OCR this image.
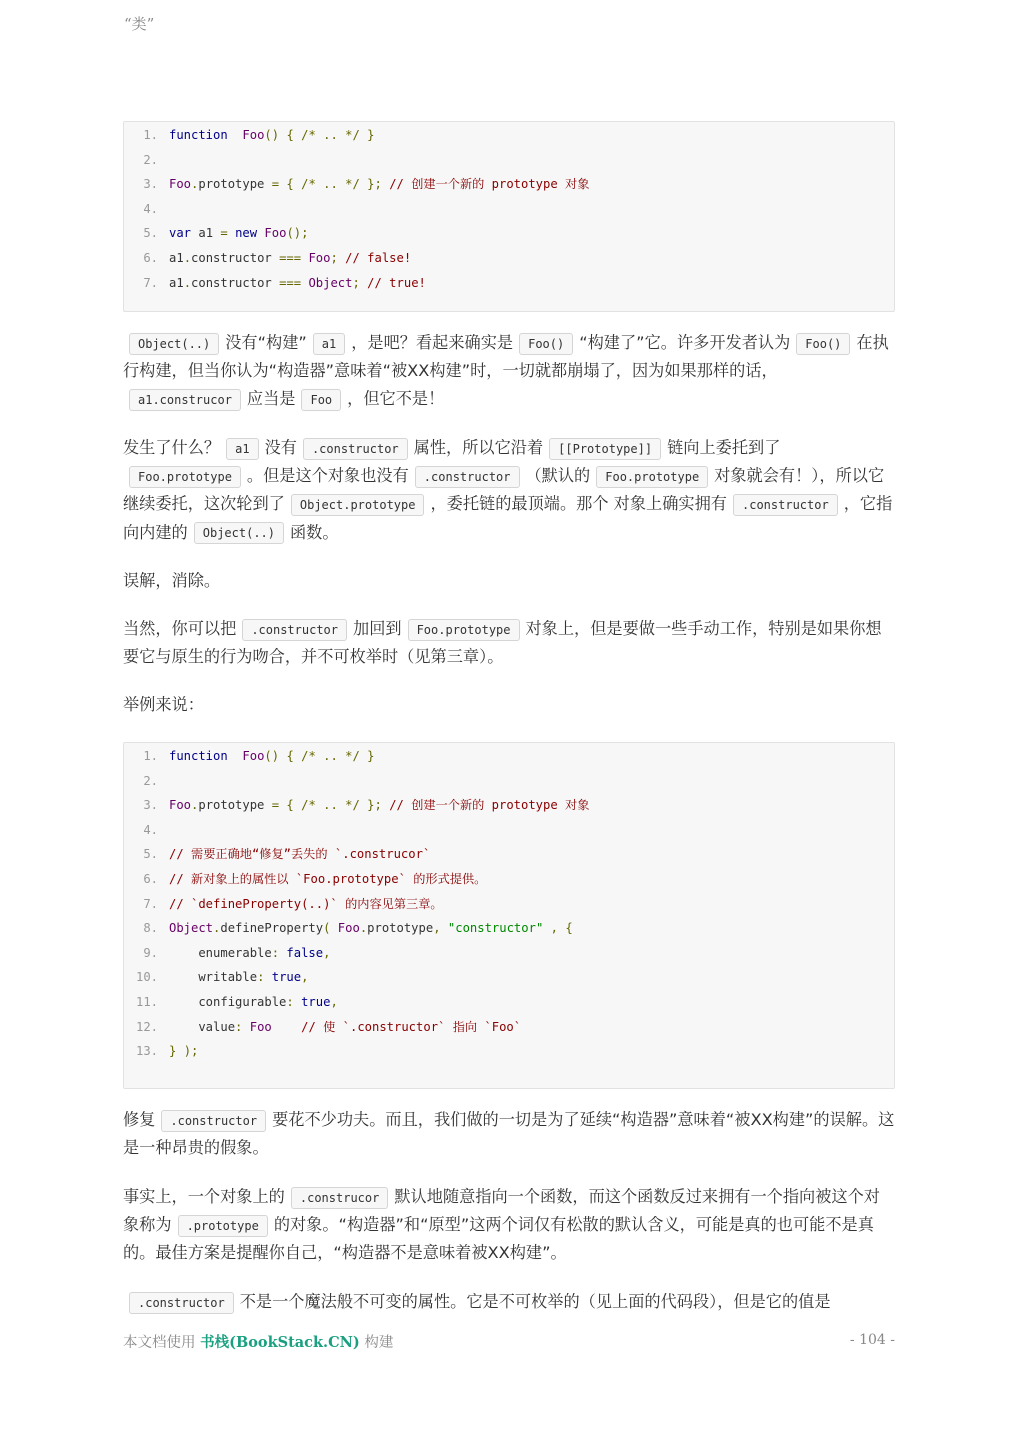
“类”
1. function Foo() { /* .. */ }
2.
3. Foo.prototype = { /* .. */ }; // 创建一个新的 prototype 对象
4.
5. var a1 = new Foo();
6. a1.constructor === Foo; // false!
7. a1.constructor === Object; // true!

Object(..) 没有“构建” a1 ，是吧？看起来确实是 Foo() “构建了”它。许多开发者认为 Foo() 在执行构建，但当你认为“构造器”意味着“被XX构建”时，一切就都崩塌了，因为如果那样的话，a1.construcor 应当是 Foo ，但它不是！

发生了什么？ a1 没有 .constructor 属性，所以它沿着 [[Prototype]] 链向上委托到了Foo.prototype 。但是这个对象也没有 .constructor （默认的 Foo.prototype 对象就会有！），所以它继续委托，这次轮到了 Object.prototype ，委托链的最顶端。那个 对象上确实拥有 .constructor ，它指向内建的 Object(..) 函数。

误解，消除。

当然，你可以把 .constructor 加回到 Foo.prototype 对象上，但是要做一些手动工作，特别是如果你想要它与原生的行为吻合，并不可枚举时（见第三章）。

举例来说：

1. function Foo() { /* .. */ }
2.
3. Foo.prototype = { /* .. */ }; // 创建一个新的 prototype 对象
4.
5. // 需要正确地“修复”丢失的 `.construcor`
6. // 新对象上的属性以 `Foo.prototype` 的形式提供。
7. // `defineProperty(..)` 的内容见第三章。
8. Object.defineProperty( Foo.prototype, "constructor" , {
9. enumerable: false,
10. writable: true,
11. configurable: true,
12. value: Foo // 使 `.constructor` 指向 `Foo`
13. } );

修复 .constructor 要花不少功夫。而且，我们做的一切是为了延续“构造器”意味着“被XX构建”的误解。这是一种昂贵的假象。

事实上，一个对象上的 .construcor 默认地随意指向一个函数，而这个函数反过来拥有一个指向被这个对象称为 .prototype 的对象。“构造器”和“原型”这两个词仅有松散的默认含义，可能是真的也可能不是真的。最佳方案是提醒你自己，“构造器不是意味着被XX构建”。

.constructor 不是一个魔法般不可变的属性。它是不可枚举的（见上面的代码段），但是它的值是

本文档使用 书栈(BookStack.CN) 构建	- 104 -
